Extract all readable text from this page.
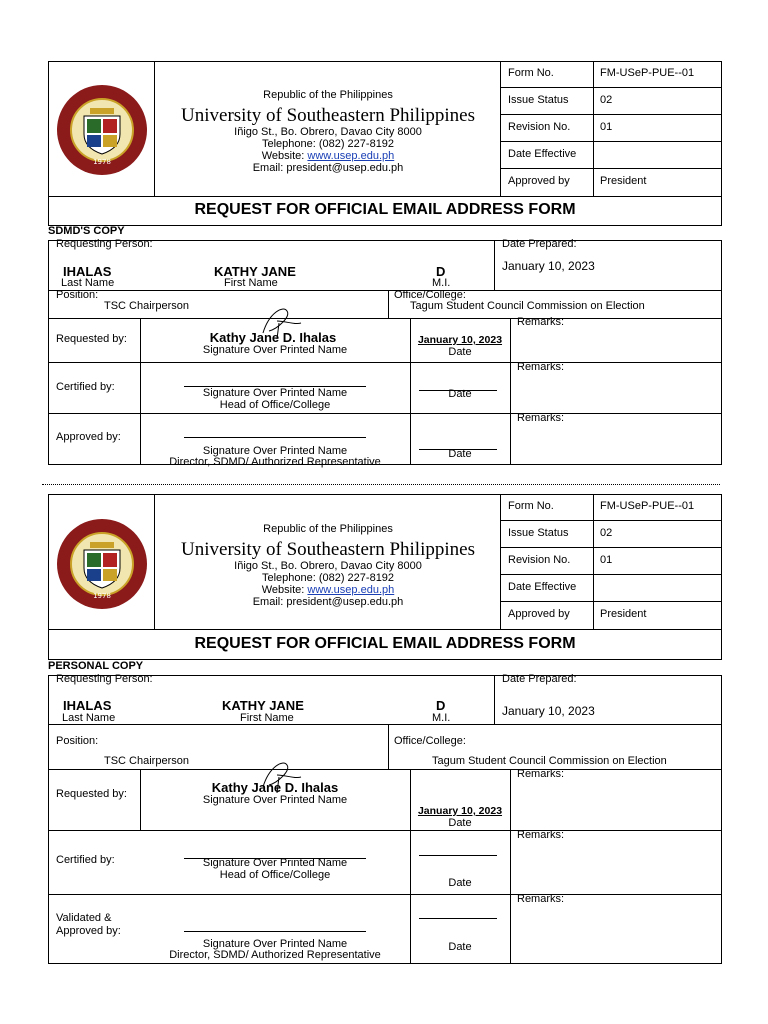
1978
Republic of the Philippines
University of Southeastern Philippines
Iñigo St., Bo. Obrero, Davao City 8000
Telephone: (082) 227-8192
Website: www.usep.edu.ph
Email: president@usep.edu.ph
Form No.	FM-USeP-PUE--01
Issue Status	02
Revision No.	01
Date Effective
Approved by	President
REQUEST FOR OFFICIAL EMAIL ADDRESS FORM
SDMD'S COPY
Requesting Person:	Date Prepared:
January 10, 2023
IHALAS	KATHY JANE	D
Last Name	First Name	M.I.
Position:
TSC Chairperson
Office/College:
Tagum Student Council Commission on Election
Requested by:	Kathy Jane D. Ihalas
Signature Over Printed Name
January 10, 2023
Date
Remarks:
Certified by:	Signature Over Printed Name
Head of Office/College
Date
Remarks:
Approved by:
Signature Over Printed Name
Director, SDMD/ Authorized Representative
Date
Remarks:
1978
Republic of the Philippines
University of Southeastern Philippines
Iñigo St., Bo. Obrero, Davao City 8000
Telephone: (082) 227-8192
Website: www.usep.edu.ph
Email: president@usep.edu.ph
Form No.	FM-USeP-PUE--01
Issue Status	02
Revision No.	01
Date Effective
Approved by	President
REQUEST FOR OFFICIAL EMAIL ADDRESS FORM
PERSONAL COPY
Requesting Person:	Date Prepared:
January 10, 2023
IHALAS	KATHY JANE	D
Last Name	First Name	M.I.
Position:
TSC Chairperson
Office/College:
Tagum Student Council Commission on Election
Requested by:	Kathy Jane D. Ihalas
Signature Over Printed Name
January 10, 2023
Date
Remarks:
Certified by:	Signature Over Printed Name
Head of Office/College
Date
Remarks:
Validated &
Approved by:
Signature Over Printed Name
Director, SDMD/ Authorized Representative
Date
Remarks:
